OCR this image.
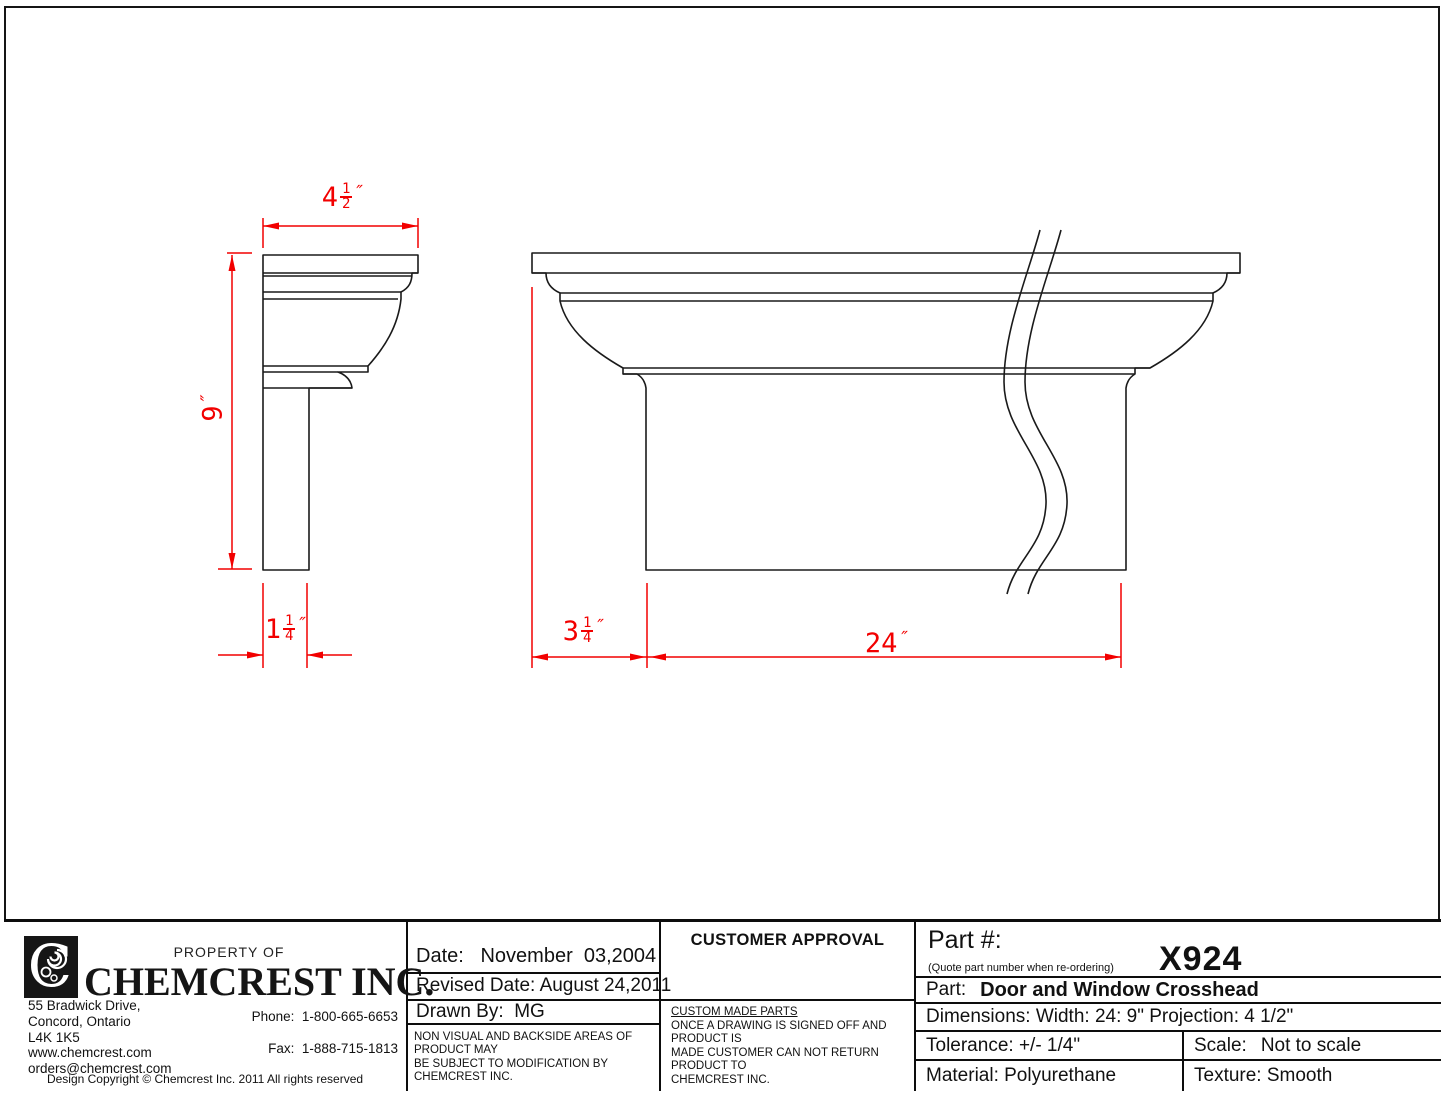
$4 \frac{1}{2}$ ″
9
″
$1 \frac{1}{4}$ ″	$3 \frac{1}{4}$ ″
24 ″
C	PROPERTY OF
CHEMCREST INC.
55 Bradwick Drive,
Concord, Ontario
L4K 1K5
www.chemcrest.com
orders@chemcrest.com
Phone:  1-800-665-6653
Fax:  1-888-715-1813
Design Copyright © Chemcrest Inc. 2011 All rights reserved
Date:   November  03,2004
Revised Date: August 24,2011
Drawn By:  MG
NON VISUAL AND BACKSIDE AREAS OF PRODUCT MAY
BE SUBJECT TO MODIFICATION BY CHEMCREST INC.
CUSTOMER APPROVAL
CUSTOM MADE PARTS
ONCE A DRAWING IS SIGNED OFF AND PRODUCT IS
MADE CUSTOMER CAN NOT RETURN PRODUCT TO
CHEMCREST INC.
Part #:
(Quote part number when re-ordering) X924
Part: Door and Window Crosshead
Dimensions: Width: 24: 9" Projection: 4 1/2"
Tolerance: +/- 1/4"	Scale: Not to scale
Material: Polyurethane	Texture: Smooth
